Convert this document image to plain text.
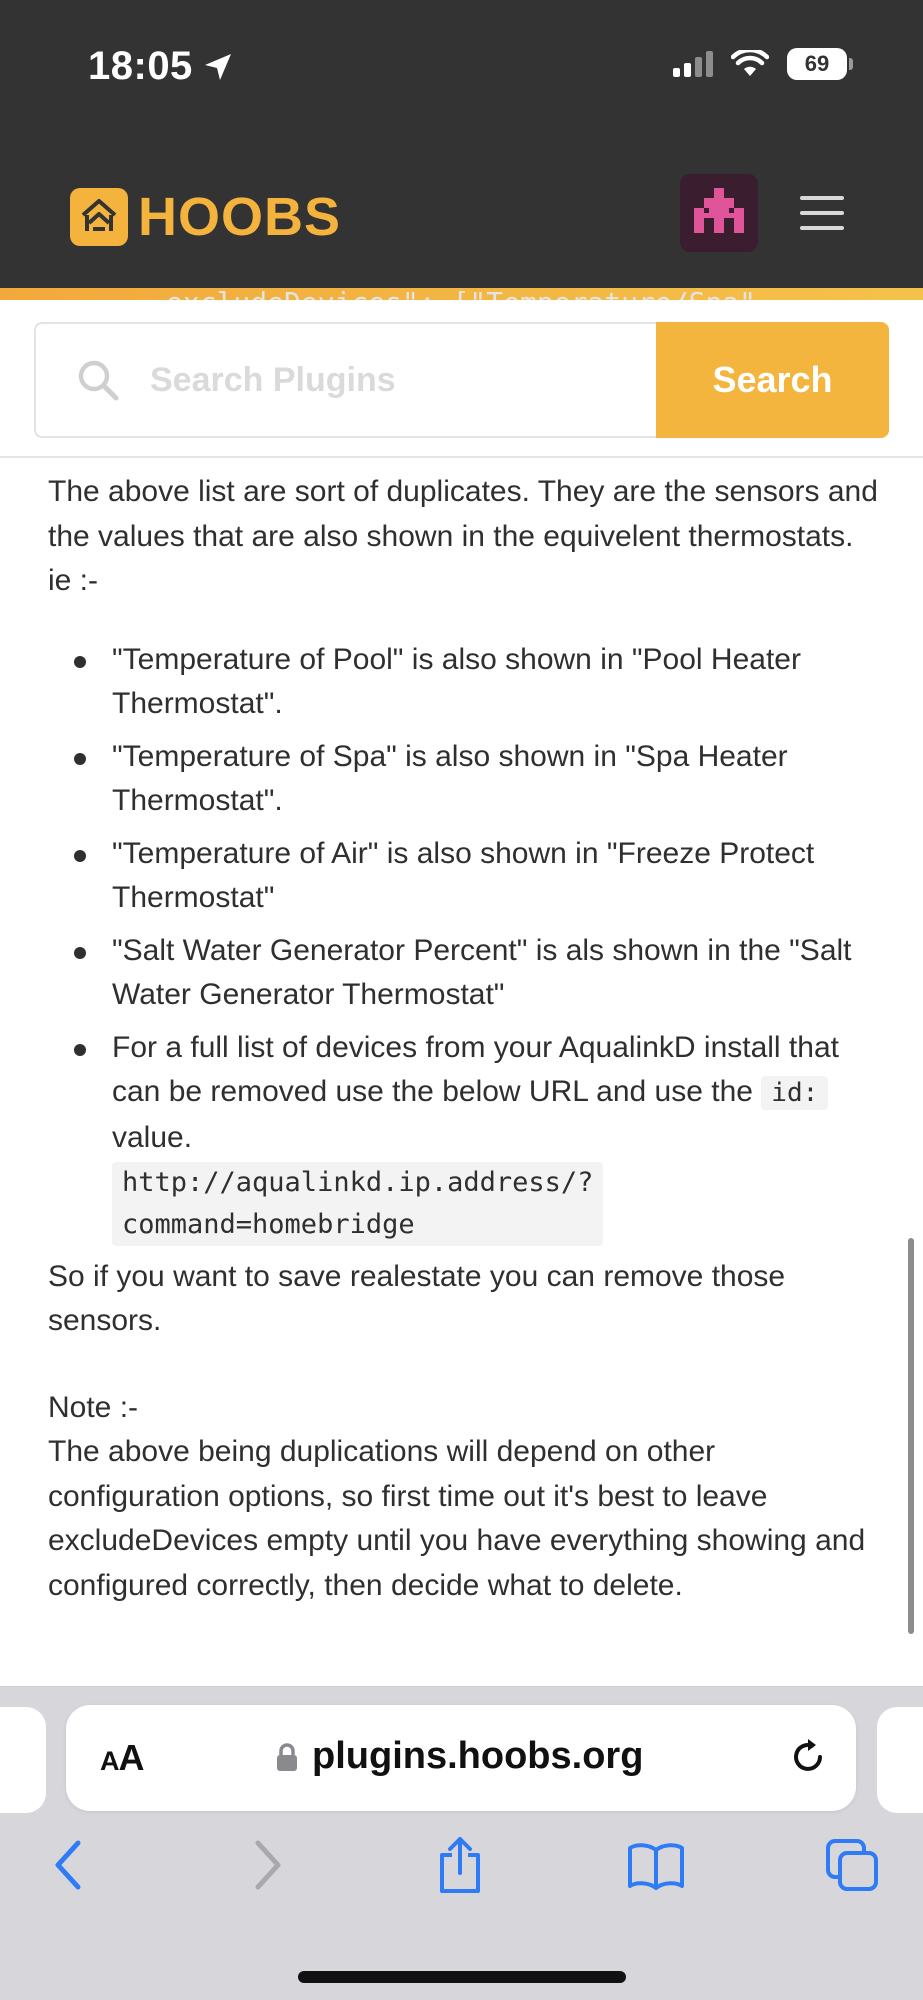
18:05	69
HOOBS
Search Plugins
Search

The above list are sort of duplicates. They are the sensors and the values that are also shown in the equivelent thermostats. ie :-

"Temperature of Pool" is also shown in "Pool Heater Thermostat".
"Temperature of Spa" is also shown in "Spa Heater Thermostat".
"Temperature of Air" is also shown in "Freeze Protect Thermostat"
"Salt Water Generator Percent" is als shown in the "Salt Water Generator Thermostat"
For a full list of devices from your AqualinkD install that can be removed use the below URL and use the id: value.

http://aqualinkd.ip.address/?
command=homebridge

So if you want to save realestate you can remove those sensors.

Note :-

The above being duplications will depend on other configuration options, so first time out it's best to leave excludeDevices empty until you have everything showing and configured correctly, then decide what to delete.

AA	plugins.hoobs.org
